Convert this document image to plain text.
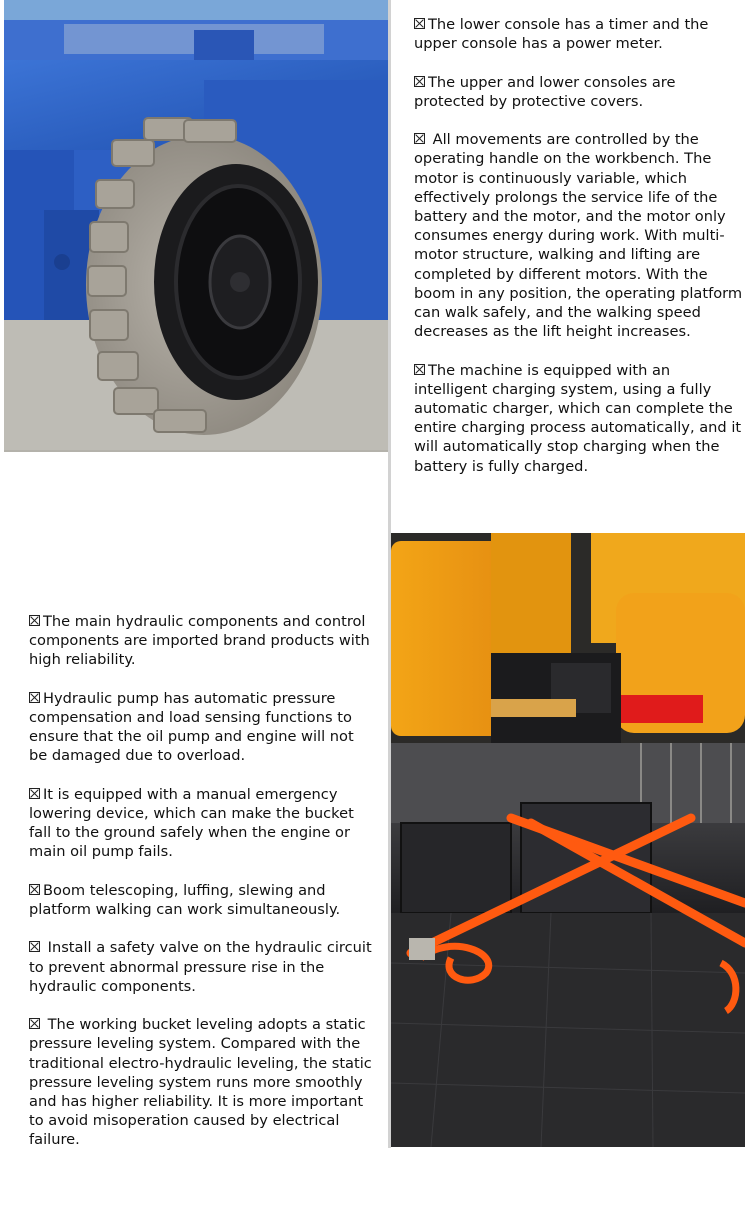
The lower console has a timer and the upper console has a power meter.

The upper and lower consoles are protected by protective covers.

All movements are controlled by the operating handle on the workbench. The motor is continuously variable, which effectively prolongs the service life of the battery and the motor, and the motor only consumes energy during work. With multi-motor structure, walking and lifting are completed by different motors. With the boom in any position, the operating platform can walk safely, and the walking speed decreases as the lift height increases.

The machine is equipped with an intelligent charging system, using a fully automatic charger, which can complete the entire charging process automatically, and it will automatically stop charging when the battery is fully charged.

The main hydraulic components and control components are imported brand products with high reliability.

Hydraulic pump has automatic pressure compensation and load sensing functions to ensure that the oil pump and engine will not be damaged due to overload.

It is equipped with a manual emergency lowering device, which can make the bucket fall to the ground safely when the engine or main oil pump fails.

Boom telescoping, luffing, slewing and platform walking can work simultaneously.

Install a safety valve on the hydraulic circuit to prevent abnormal pressure rise in the hydraulic components.

The working bucket leveling adopts a static pressure leveling system. Compared with the traditional electro-hydraulic leveling, the static pressure leveling system runs more smoothly and has higher reliability. It is more important to avoid misoperation caused by electrical failure.
